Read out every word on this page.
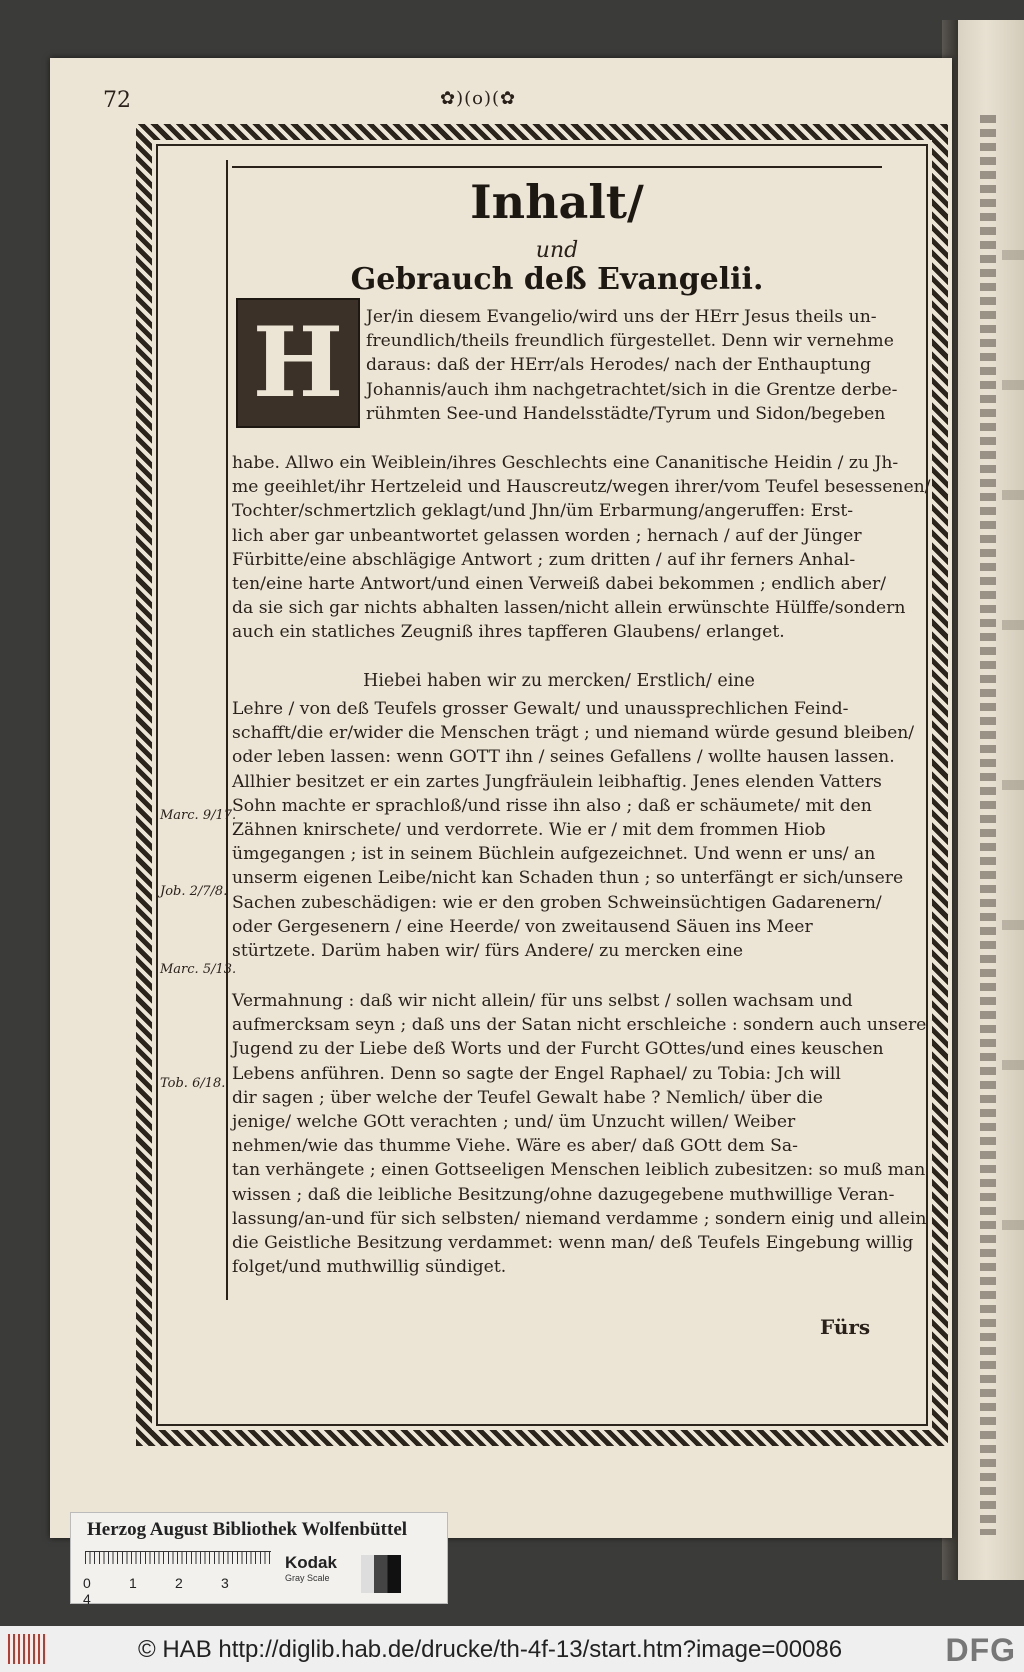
72	✿)(o)(✿
Inhalt/
und
Gebrauch deß Evangelii.
H	Jer/in diesem Evangelio/wird uns der HErr Jesus theils un-

freundlich/theils freundlich fürgestellet. Denn wir vernehme

daraus: daß der HErr/als Herodes/ nach der Enthauptung

Johannis/auch ihm nachgetrachtet/sich in die Grentze derbe-

rühmten See-und Handelsstädte/Tyrum und Sidon/begeben

habe. Allwo ein Weiblein/ihres Geschlechts eine Cananitische Heidin / zu Jh-

me geeihlet/ihr Hertzeleid und Hauscreutz/wegen ihrer/vom Teufel besessenen/

Tochter/schmertzlich geklagt/und Jhn/üm Erbarmung/angeruffen: Erst-

lich aber gar unbeantwortet gelassen worden ; hernach / auf der Jünger

Fürbitte/eine abschlägige Antwort ; zum dritten / auf ihr ferners Anhal-

ten/eine harte Antwort/und einen Verweiß dabei bekommen ; endlich aber/

da sie sich gar nichts abhalten lassen/nicht allein erwünschte Hülffe/sondern

auch ein statliches Zeugniß ihres tapfferen Glaubens/ erlanget.

Hiebei haben wir zu mercken/ Erstlich/ eine

Lehre / von deß Teufels grosser Gewalt/ und unaussprechlichen Feind-

schafft/die er/wider die Menschen trägt ; und niemand würde gesund bleiben/

oder leben lassen: wenn GOTT ihn / seines Gefallens / wollte hausen lassen.

Allhier besitzet er ein zartes Jungfräulein leibhaftig. Jenes elenden Vatters

Sohn machte er sprachloß/und risse ihn also ; daß er schäumete/ mit den

Zähnen knirschete/ und verdorrete. Wie er / mit dem frommen Hiob

ümgegangen ; ist in seinem Büchlein aufgezeichnet. Und wenn er uns/ an

unserm eigenen Leibe/nicht kan Schaden thun ; so unterfängt er sich/unsere

Sachen zubeschädigen: wie er den groben Schweinsüchtigen Gadarenern/

oder Gergesenern / eine Heerde/ von zweitausend Säuen ins Meer

stürtzete. Darüm haben wir/ fürs Andere/ zu mercken eine

Vermahnung : daß wir nicht allein/ für uns selbst / sollen wachsam und

aufmercksam seyn ; daß uns der Satan nicht erschleiche : sondern auch unsere

Jugend zu der Liebe deß Worts und der Furcht GOttes/und eines keuschen

Lebens anführen. Denn so sagte der Engel Raphael/ zu Tobia: Jch will

dir sagen ; über welche der Teufel Gewalt habe ? Nemlich/ über die

jenige/ welche GOtt verachten ; und/ üm Unzucht willen/ Weiber

nehmen/wie das thumme Viehe. Wäre es aber/ daß GOtt dem Sa-

tan verhängete ; einen Gottseeligen Menschen leiblich zubesitzen: so muß man

wissen ; daß die leibliche Besitzung/ohne dazugegebene muthwillige Veran-

lassung/an-und für sich selbsten/ niemand verdamme ; sondern einig und allein

die Geistliche Besitzung verdammet: wenn man/ deß Teufels Eingebung willig

folget/und muthwillig sündiget.

Marc. 9/17.
Job. 2/7/8.
Marc. 5/13.
Tob. 6/18.
Fürs
Herzog August Bibliothek Wolfenbüttel
0	1	2	34
Kodak
Gray Scale
© HAB http://diglib.hab.de/drucke/th-4f-13/start.htm?image=00086	DFG
